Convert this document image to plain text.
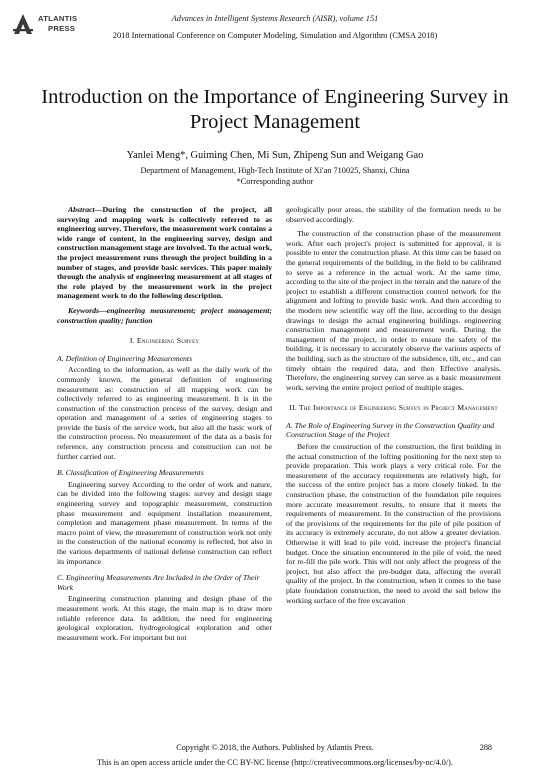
ATLANTIS
PRESS
Advances in Intelligent Systems Research (AISR), volume 151
2018 International Conference on Computer Modeling, Simulation and Algorithm (CMSA 2018)
Introduction on the Importance of Engineering Survey in Project Management
Yanlei Meng*, Guiming Chen, Mi Sun, Zhipeng Sun and Weigang Gao
Department of Management, High-Tech Institute of Xi'an 710025, Shanxi, China
*Corresponding author

Abstract—During the construction of the project, all surveying and mapping work is collectively referred to as engineering survey. Therefore, the measurement work contains a wide range of content, in the engineering survey, design and construction management stage are involved. To the actual work, the project measurement runs through the project building in a number of stages, and provide basic services. This paper mainly through the analysis of engineering measurement at all stages of the role played by the measurement work in the project management work to do the following description.

Keywords—engineering measurement; project management; construction quality; function

I. Engineering Survey

A. Definition of Engineering Measurements

According to the information, as well as the daily work of the commonly known, the general definition of engineering measurement as: construction of all mapping work can be collectively referred to as engineering measurement. It is in the construction of the construction process of the survey, design and operation and management of a series of engineering stages to provide the basis of the service work, but also all the basic work of the construction process. No measurement of the data as a basis for reference, any construction process and construction can not be further carried out.

B. Classification of Engineering Measurements

Engineering survey According to the order of work and nature, can be divided into the following stages: survey and design stage engineering survey and topographic measurement, construction phase measurement and equipment installation measurement, completion and management phase measurement. In terms of the macro point of view, the measurement of construction work not only in the construction of the national economy is reflected, but also in the various departments of national defense construction can reflect its importance

C. Engineering Measurements Are Included in the Order of Their Work

Engineering construction planning and design phase of the measurement work. At this stage, the main map is to draw more reliable reference data. In addition, the need for engineering geological exploration, hydrogeological exploration and other measurement work. For important but not

geologically poor areas, the stability of the formation needs to be observed accordingly.

The construction of the construction phase of the measurement work. After each project's project is submitted for approval, it is possible to enter the construction phase. At this time can be based on the general requirements of the building, in the field to be calibrated to serve as a reference in the actual work. At the same time, according to the site of the project in the terrain and the nature of the project to establish a different construction control network for the alignment and lofting to provide basic work. And then according to the modern new scientific way off the line, according to the design drawings to design the actual engineering buildings. engineering construction management and measurement work. During the management of the project, in order to ensure the safety of the building, it is necessary to accurately observe the various aspects of the building, such as the structure of the subsidence, tilt, etc., and can timely obtain the required data, and then Effective analysis. Therefore, the engineering survey can serve as a basic measurement work, serving the entire project period of multiple stages.

II. The Importance of Engineering Survey in Project Management

A. The Role of Engineering Survey in the Construction Quality and Construction Stage of the Project

Before the construction of the construction, the first building in the actual construction of the lofting positioning for the next step to provide preparation. This work plays a very critical role. For the measurement of the accuracy requirements are relatively high, for the success of the entire project has a more closely linked. In the construction phase, the construction of the foundation pile requires more accurate measurement results, to ensure that it meets the requirements of measurement. In the construction of the provisions of the provisions of the requirements for the pile of pile position of its accuracy is extremely accurate, do not allow a greater deviation. Otherwise it will lead to pile void, increase the project's financial budget. Once the situation encountered in the pile of void, the need for re-fill the pile work. This will not only affect the progress of the project, but also affect the pre-budget data, affecting the overall quality of the project. In the construction, when it comes to the base plate foundation construction, the need to avoid the soil below the working surface of the free excavation

Copyright © 2018, the Authors. Published by Atlantis Press.	288
This is an open access article under the CC BY-NC license (http://creativecommons.org/licenses/by-nc/4.0/).
